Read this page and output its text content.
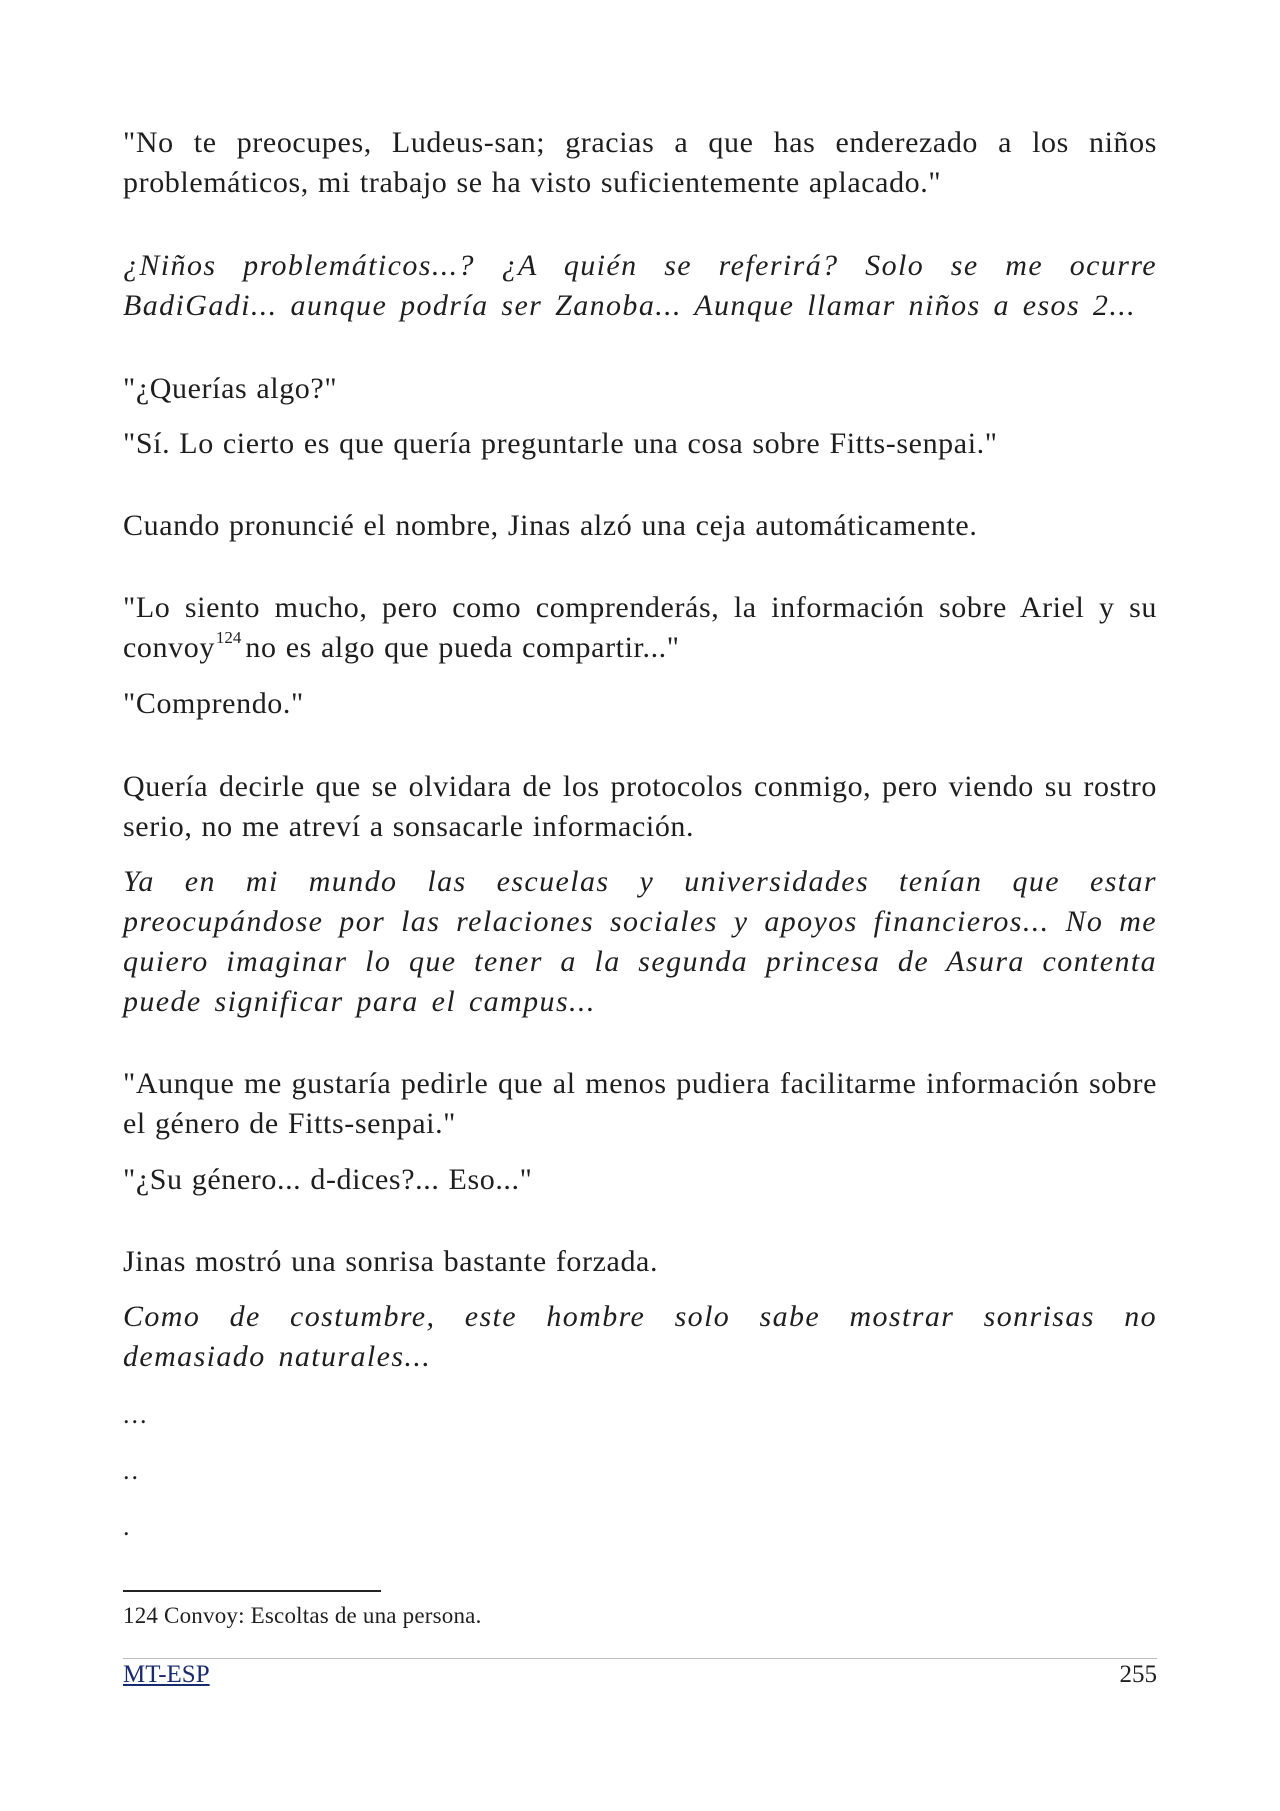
"No te preocupes, Ludeus-san; gracias a que has enderezado a los niños problemáticos, mi trabajo se ha visto suficientemente aplacado."

¿Niños problemáticos...? ¿A quién se referirá? Solo se me ocurre BadiGadi... aunque podría ser Zanoba... Aunque llamar niños a esos 2...

"¿Querías algo?"

"Sí. Lo cierto es que quería preguntarle una cosa sobre Fitts-senpai."

Cuando pronuncié el nombre, Jinas alzó una ceja automáticamente.

"Lo siento mucho, pero como comprenderás, la información sobre Ariel y su convoy$^{124}$ no es algo que pueda compartir..."

"Comprendo."

Quería decirle que se olvidara de los protocolos conmigo, pero viendo su rostro serio, no me atreví a sonsacarle información.

Ya en mi mundo las escuelas y universidades tenían que estar preocupándose por las relaciones sociales y apoyos financieros... No me quiero imaginar lo que tener a la segunda princesa de Asura contenta puede significar para el campus...

"Aunque me gustaría pedirle que al menos pudiera facilitarme información sobre el género de Fitts-senpai."

"¿Su género... d-dices?... Eso..."

Jinas mostró una sonrisa bastante forzada.

Como de costumbre, este hombre solo sabe mostrar sonrisas no demasiado naturales...

...
..
.
124 Convoy: Escoltas de una persona.
MT-ESP	255
